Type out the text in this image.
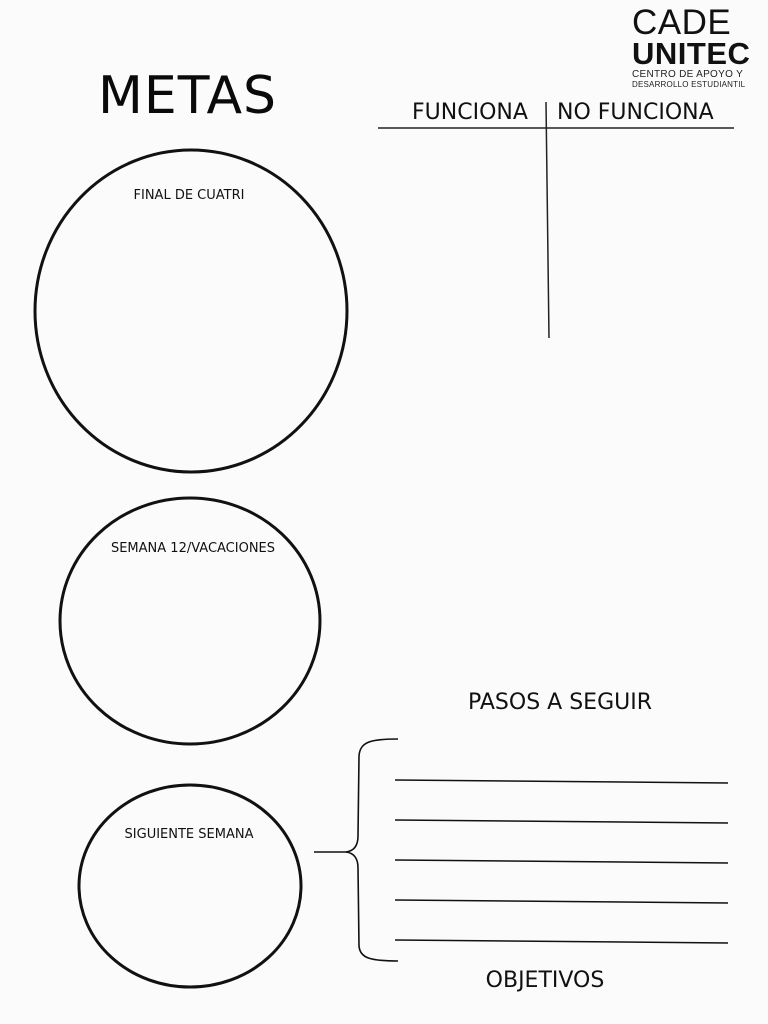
METAS
CADE
UNITEC
CENTRO DE APOYO Y
DESARROLLO ESTUDIANTIL
FUNCIONA NO FUNCIONA
FINAL DE CUATRI
SEMANA 12/VACACIONES
SIGUIENTE SEMANA
PASOS A SEGUIR
OBJETIVOS
